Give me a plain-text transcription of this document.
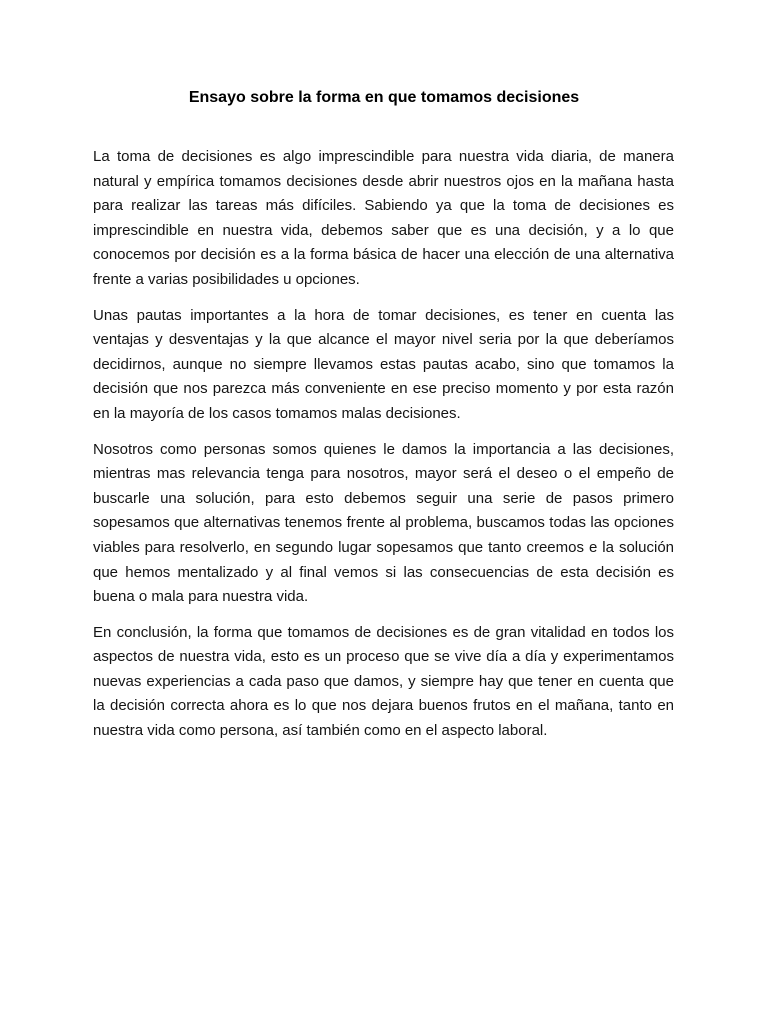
Ensayo sobre la forma en que tomamos decisiones

La toma de decisiones es algo imprescindible para nuestra vida diaria, de manera natural y empírica tomamos decisiones desde abrir nuestros ojos en la mañana hasta para realizar las tareas más difíciles. Sabiendo ya que la toma de decisiones es imprescindible en nuestra vida, debemos saber que es una decisión, y a lo que conocemos por decisión es a la forma básica de hacer una elección de una alternativa frente a varias posibilidades u opciones.

Unas pautas importantes a la hora de tomar decisiones, es tener en cuenta las ventajas y desventajas y la que alcance el mayor nivel seria por la que deberíamos decidirnos, aunque no siempre llevamos estas pautas acabo, sino que tomamos la decisión que nos parezca más conveniente en ese preciso momento y por esta razón en la mayoría de los casos tomamos malas decisiones.

Nosotros como personas somos quienes le damos la importancia a las decisiones, mientras mas relevancia tenga para nosotros, mayor será el deseo o el empeño de buscarle una solución, para esto debemos seguir una serie de pasos primero sopesamos que alternativas tenemos frente al problema, buscamos todas las opciones viables para resolverlo, en segundo lugar sopesamos que tanto creemos e la solución que hemos mentalizado y al final vemos si las consecuencias de esta decisión es buena o mala para nuestra vida.

En conclusión, la forma que tomamos de decisiones es de gran vitalidad en todos los aspectos de nuestra vida, esto es un proceso que se vive día a día y experimentamos nuevas experiencias a cada paso que damos, y siempre hay que tener en cuenta que la decisión correcta ahora es lo que nos dejara buenos frutos en el mañana, tanto en nuestra vida como persona, así también como en el aspecto laboral.
